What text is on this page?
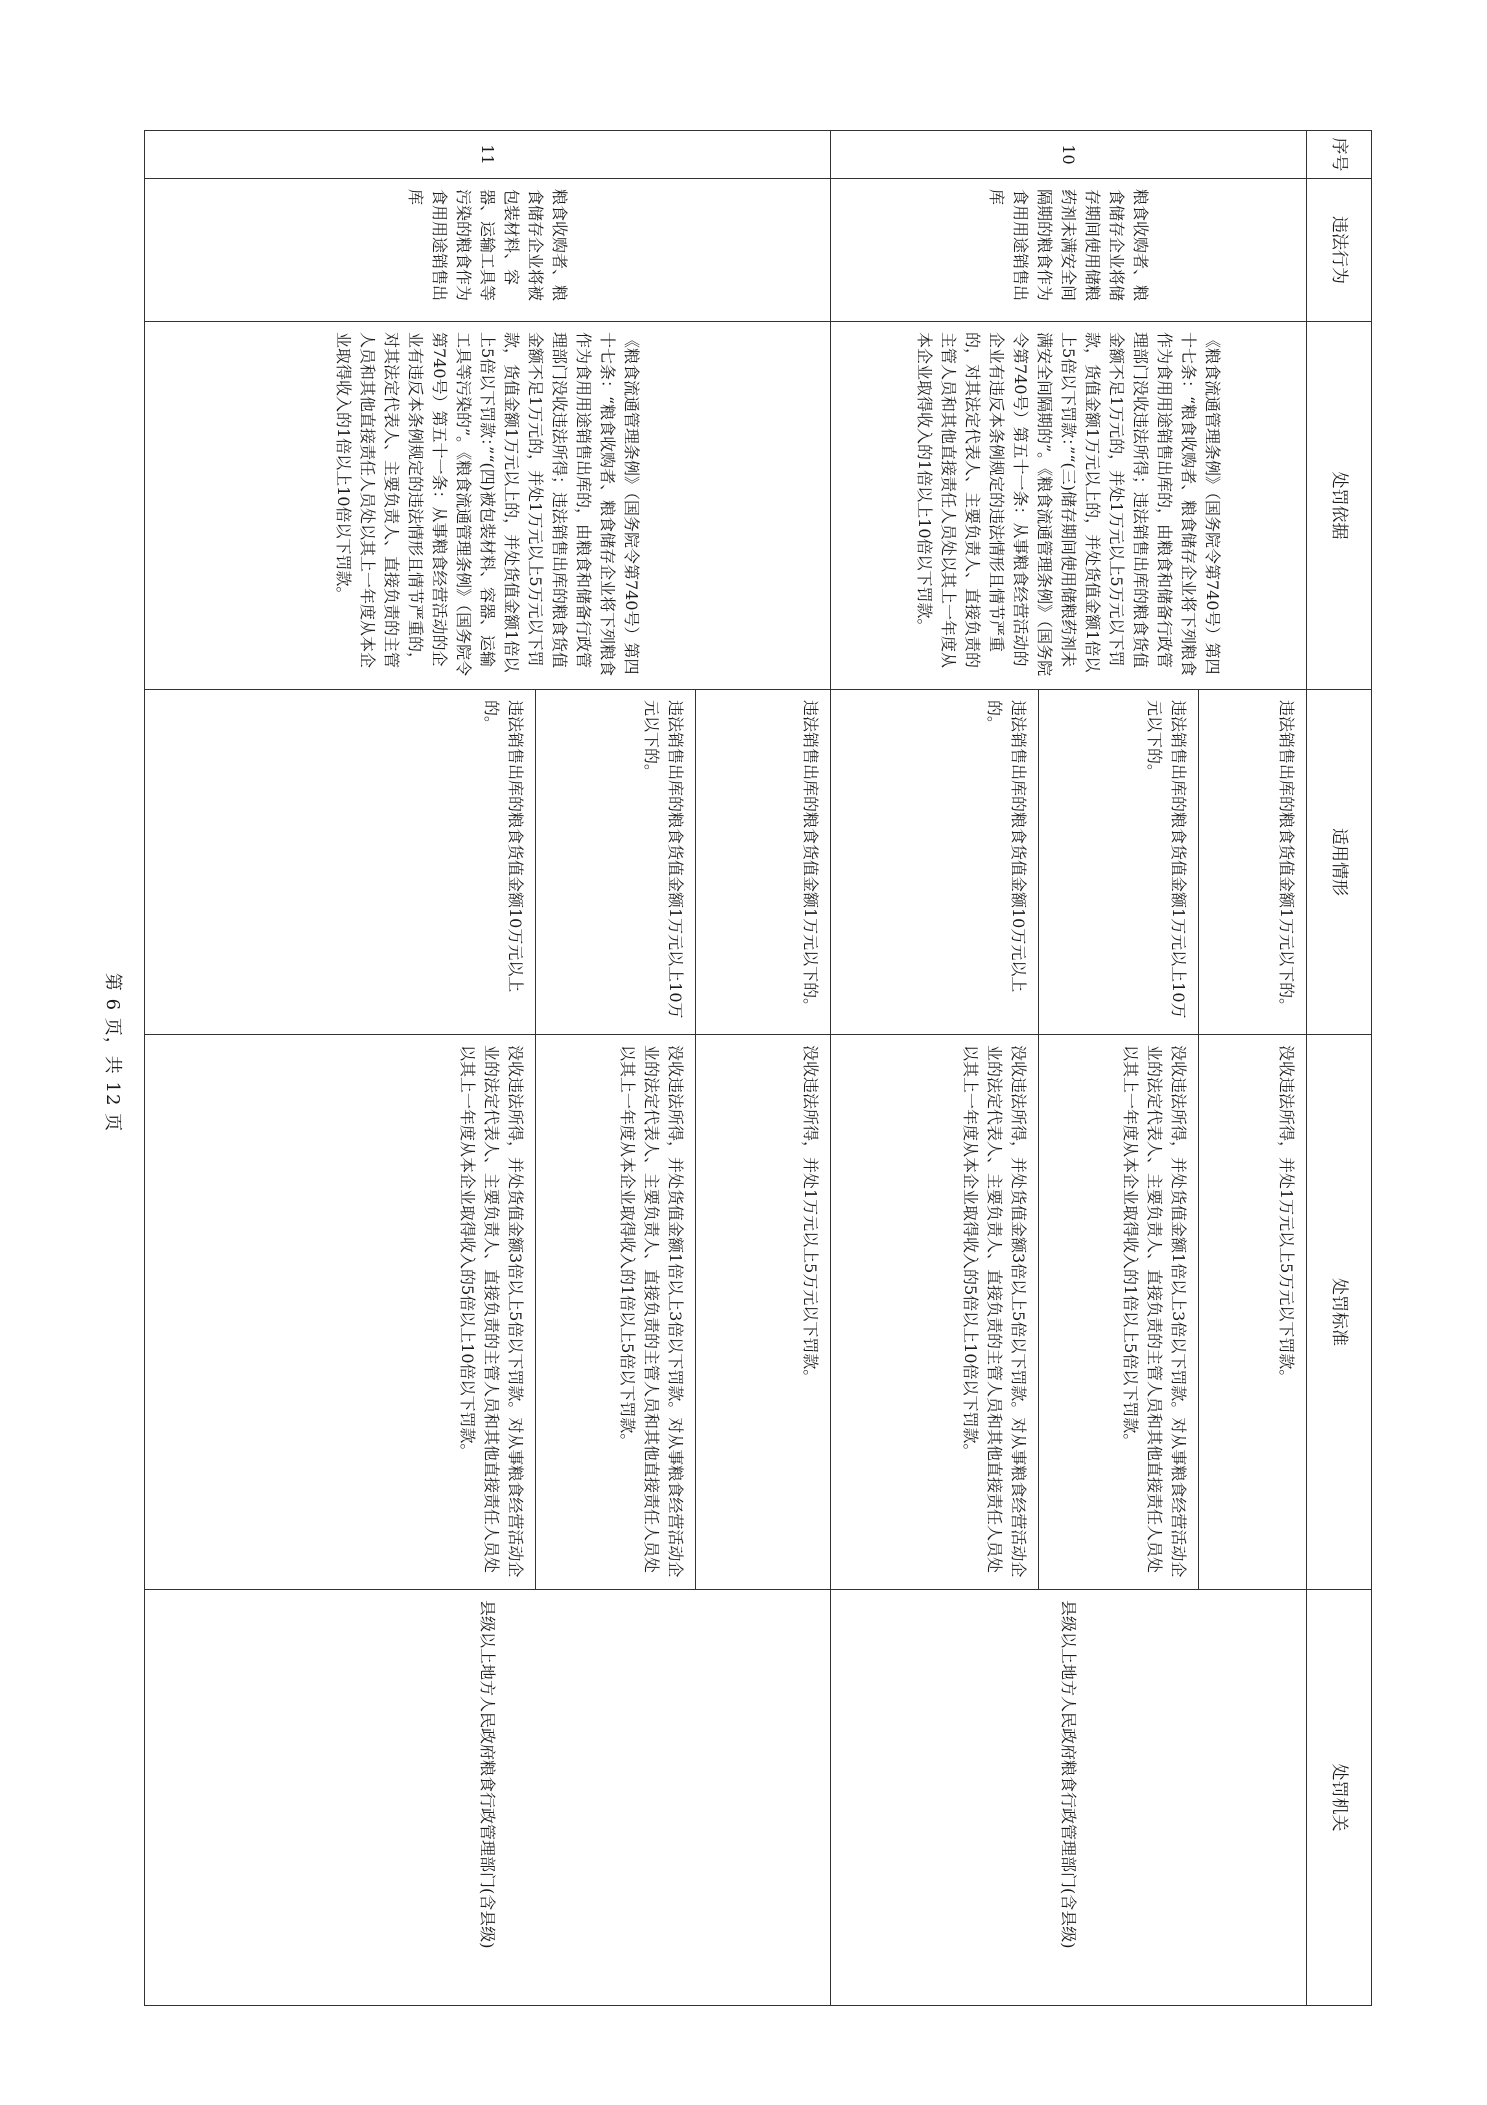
序号	违法行为	处罚依据	适用情形	处罚标准	处罚机关
10	粮食收购者、粮食储存企业将储存期间使用储粮药剂未满安全间隔期的粮食作为食用用途销售出库	《粮食流通管理条例》（国务院令第740号）第四十七条：“粮食收购者、粮食储存企业将下列粮食作为食用用途销售出库的，由粮食和储备行政管理部门没收违法所得；违法销售出库的粮食货值金额不足1万元的，并处1万元以上5万元以下罚款，货值金额1万元以上的，并处货值金额1倍以上5倍以下罚款：”“(三)储存期间使用储粮药剂未满安全间隔期的”。《粮食流通管理条例》（国务院令第740号）第五十一条：从事粮食经营活动的企业有违反本条例规定的违法情形且情节严重的，对其法定代表人、主要负责人、直接负责的主管人员和其他直接责任人员处以其上一年度从本企业取得收入的1倍以上10倍以下罚款。	违法销售出库的粮食货值金额1万元以下的。	没收违法所得，并处1万元以上5万元以下罚款。	县级以上地方人民政府粮食行政管理部门(含县级)
			违法销售出库的粮食货值金额1万元以上10万元以下的。	没收违法所得，并处货值金额1倍以上3倍以下罚款。对从事粮食经营活动企业的法定代表人、主要负责人、直接负责的主管人员和其他直接责任人员处以其上一年度从本企业取得收入的1倍以上5倍以下罚款。	
			违法销售出库的粮食货值金额10万元以上的。	没收违法所得，并处货值金额3倍以上5倍以下罚款。对从事粮食经营活动企业的法定代表人、主要负责人、直接负责的主管人员和其他直接责任人员处以其上一年度从本企业取得收入的5倍以上10倍以下罚款。	
11	粮食收购者、粮食储存企业将被包装材料、容器、运输工具等污染的粮食作为食用用途销售出库	《粮食流通管理条例》（国务院令第740号）第四十七条：“粮食收购者、粮食储存企业将下列粮食作为食用用途销售出库的，由粮食和储备行政管理部门没收违法所得；违法销售出库的粮食货值金额不足1万元的，并处1万元以上5万元以下罚款，货值金额1万元以上的，并处货值金额1倍以上5倍以下罚款：”“(四)被包装材料、容器、运输工具等污染的”。《粮食流通管理条例》（国务院令第740号）第五十一条：从事粮食经营活动的企业有违反本条例规定的违法情形且情节严重的，对其法定代表人、主要负责人、直接负责的主管人员和其他直接责任人员处以其上一年度从本企业取得收入的1倍以上10倍以下罚款。	违法销售出库的粮食货值金额1万元以下的。	没收违法所得，并处1万元以上5万元以下罚款。	县级以上地方人民政府粮食行政管理部门(含县级)
			违法销售出库的粮食货值金额1万元以上10万元以下的。	没收违法所得，并处货值金额1倍以上3倍以下罚款。对从事粮食经营活动企业的法定代表人、主要负责人、直接负责的主管人员和其他直接责任人员处以其上一年度从本企业取得收入的1倍以上5倍以下罚款。	
			违法销售出库的粮食货值金额10万元以上的。	没收违法所得，并处货值金额3倍以上5倍以下罚款。对从事粮食经营活动企业的法定代表人、主要负责人、直接负责的主管人员和其他直接责任人员处以其上一年度从本企业取得收入的5倍以上10倍以下罚款。	
第 6 页，共 12 页
